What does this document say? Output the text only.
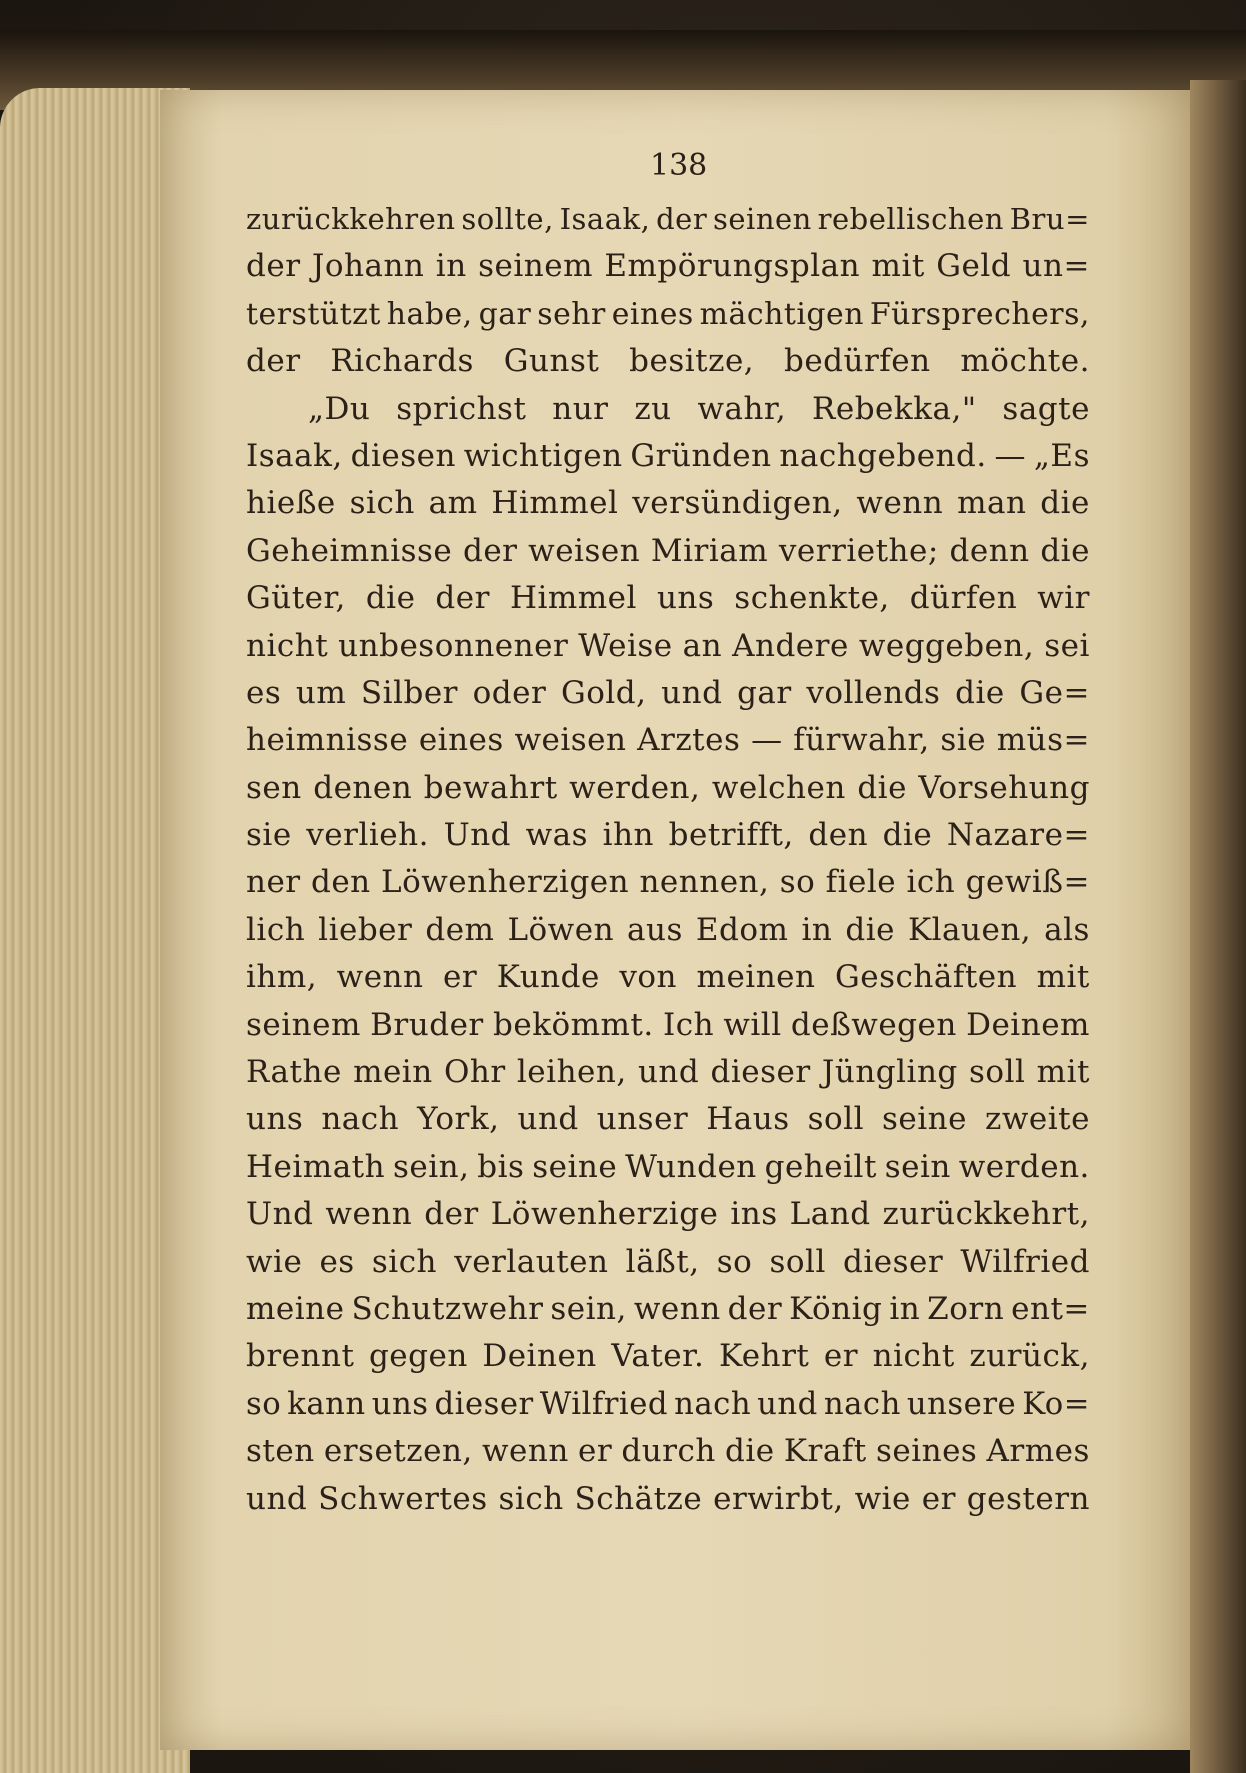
138
zurückkehren sollte, Isaak, der seinen rebellischen Bru=
der Johann in seinem Empörungsplan mit Geld un=
terstützt habe, gar sehr eines mächtigen Fürsprechers,
der Richards Gunst besitze, bedürfen möchte.
„Du sprichst nur zu wahr, Rebekka," sagte
Isaak, diesen wichtigen Gründen nachgebend. — „Es
hieße sich am Himmel versündigen, wenn man die
Geheimnisse der weisen Miriam verriethe; denn die
Güter, die der Himmel uns schenkte, dürfen wir
nicht unbesonnener Weise an Andere weggeben, sei
es um Silber oder Gold, und gar vollends die Ge=
heimnisse eines weisen Arztes — fürwahr, sie müs=
sen denen bewahrt werden, welchen die Vorsehung
sie verlieh. Und was ihn betrifft, den die Nazare=
ner den Löwenherzigen nennen, so fiele ich gewiß=
lich lieber dem Löwen aus Edom in die Klauen, als
ihm, wenn er Kunde von meinen Geschäften mit
seinem Bruder bekömmt. Ich will deßwegen Deinem
Rathe mein Ohr leihen, und dieser Jüngling soll mit
uns nach York, und unser Haus soll seine zweite
Heimath sein, bis seine Wunden geheilt sein werden.
Und wenn der Löwenherzige ins Land zurückkehrt,
wie es sich verlauten läßt, so soll dieser Wilfried
meine Schutzwehr sein, wenn der König in Zorn ent=
brennt gegen Deinen Vater. Kehrt er nicht zurück,
so kann uns dieser Wilfried nach und nach unsere Ko=
sten ersetzen, wenn er durch die Kraft seines Armes
und Schwertes sich Schätze erwirbt, wie er gestern
